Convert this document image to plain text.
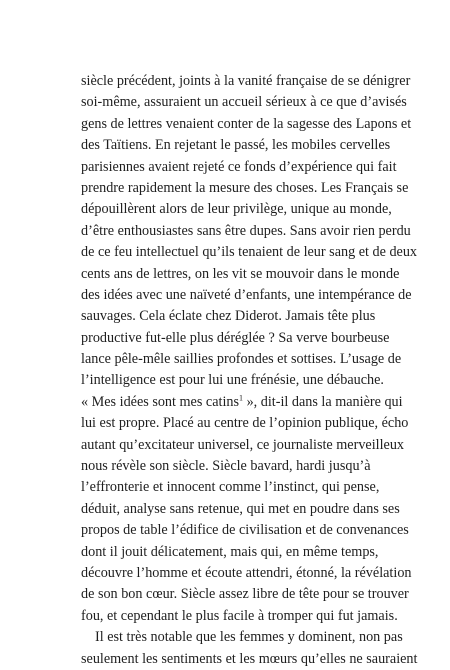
siècle précédent, joints à la vanité française de se dénigrer
soi-même, assuraient un accueil sérieux à ce que d’avisés
gens de lettres venaient conter de la sagesse des Lapons et
des Taïtiens. En rejetant le passé, les mobiles cervelles
parisiennes avaient rejeté ce fonds d’expérience qui fait
prendre rapidement la mesure des choses. Les Français se
dépouillèrent alors de leur privilège, unique au monde,
d’être enthousiastes sans être dupes. Sans avoir rien perdu
de ce feu intellectuel qu’ils tenaient de leur sang et de deux
cents ans de lettres, on les vit se mouvoir dans le monde
des idées avec une naïveté d’enfants, une intempérance de
sauvages. Cela éclate chez Diderot. Jamais tête plus
productive fut-elle plus déréglée ? Sa verve bourbeuse
lance pêle-mêle saillies profondes et sottises. L’usage de
l’intelligence est pour lui une frénésie, une débauche.
« Mes idées sont mes catins$^1$ », dit-il dans la manière qui
lui est propre. Placé au centre de l’opinion publique, écho
autant qu’excitateur universel, ce journaliste merveilleux
nous révèle son siècle. Siècle bavard, hardi jusqu’à
l’effronterie et innocent comme l’instinct, qui pense,
déduit, analyse sans retenue, qui met en poudre dans ses
propos de table l’édifice de civilisation et de convenances
dont il jouit délicatement, mais qui, en même temps,
découvre l’homme et écoute attendri, étonné, la révélation
de son bon cœur. Siècle assez libre de tête pour se trouver
fou, et cependant le plus facile à tromper qui fut jamais.
Il est très notable que les femmes y dominent, non pas
seulement les sentiments et les mœurs qu’elles ne sauraient
